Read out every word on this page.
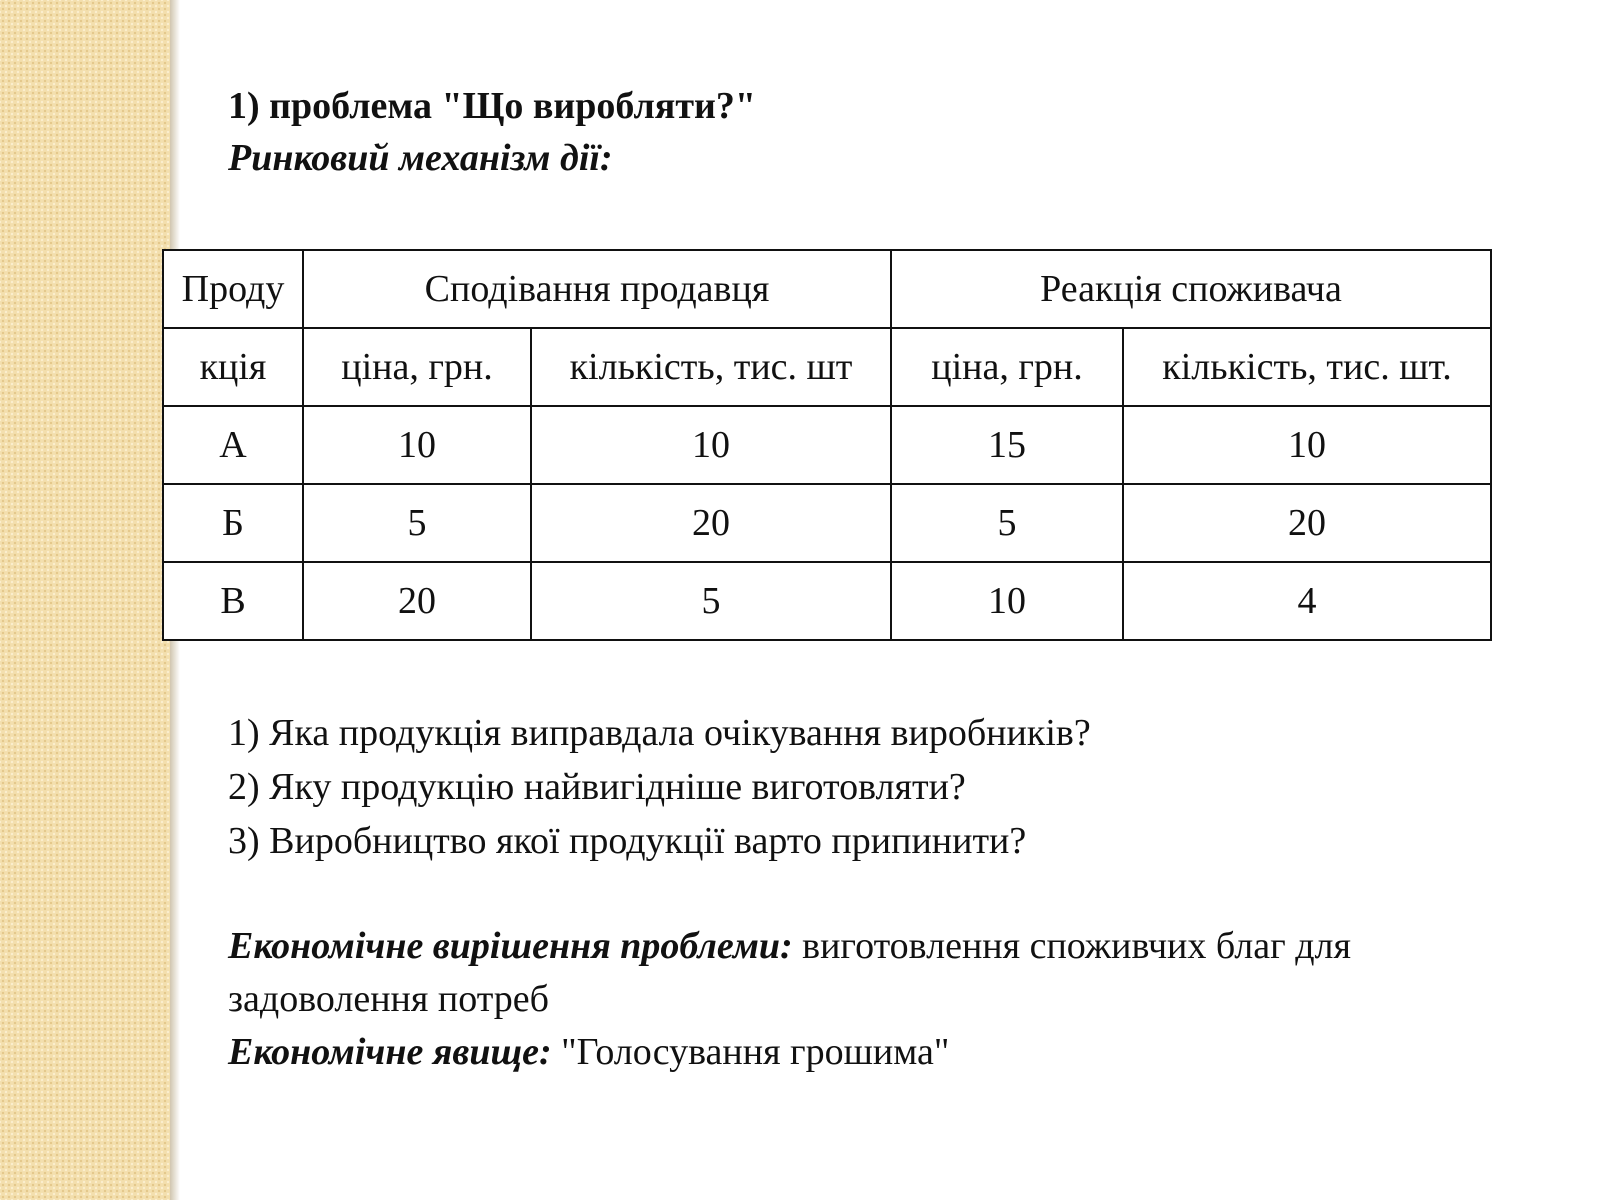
1) проблема "Що виробляти?"
Ринковий механізм дії:
Проду	Сподівання продавця		Реакція споживача	
кція	ціна, грн.	кількість, тис. шт	ціна, грн.	кількість, тис. шт.
А	10	10	15	10
Б	5	20	5	20
В	20	5	10	4
1) Яка продукція виправдала очікування виробників?
2) Яку продукцію найвигідніше виготовляти?
3) Виробництво якої продукції варто припинити?
Економічне вирішення проблеми: виготовлення споживчих благ для задоволення потреб
Економічне явище: "Голосування грошима"
